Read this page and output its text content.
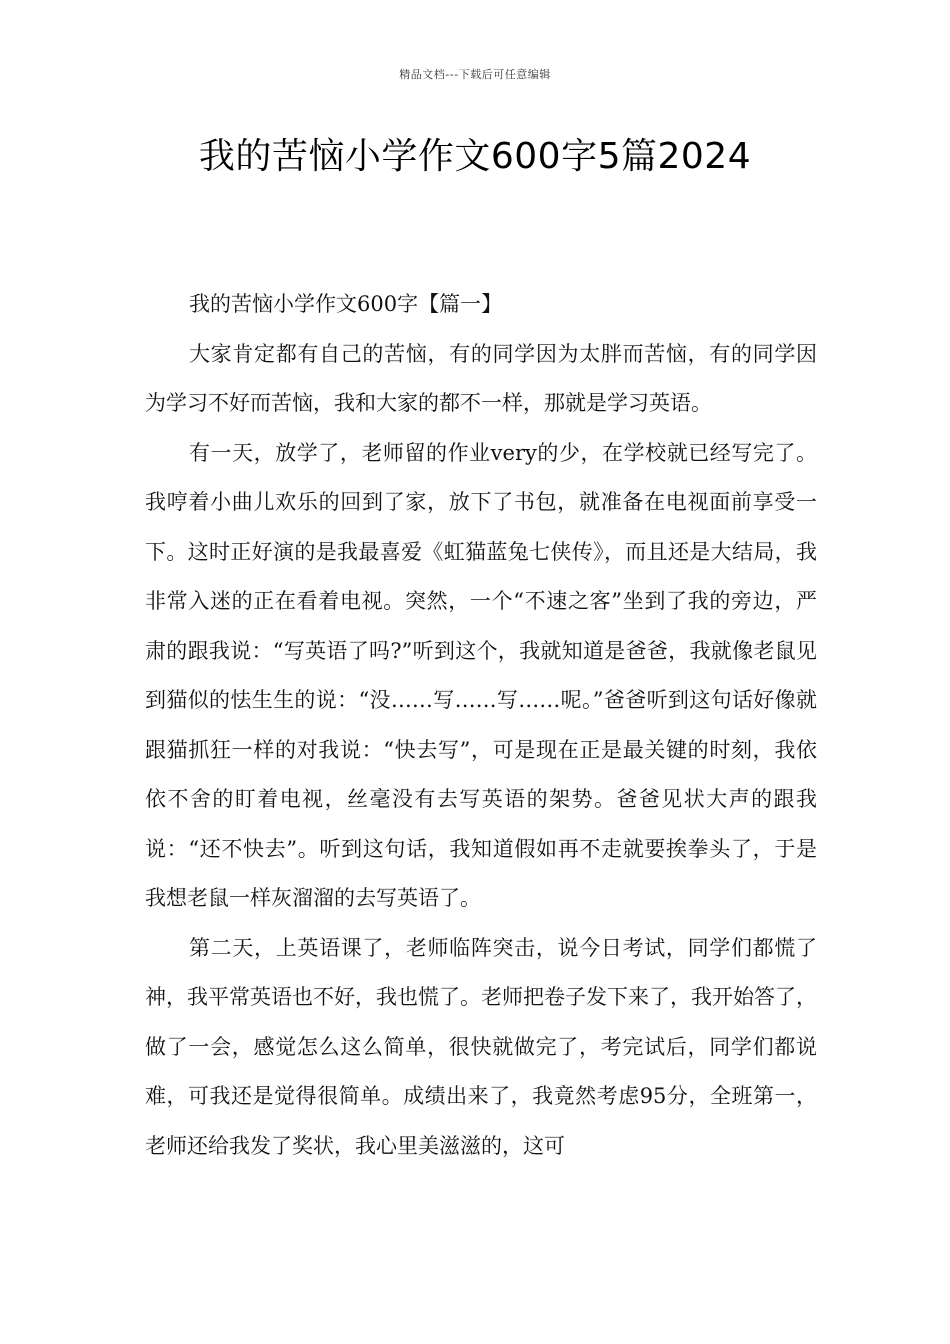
精品文档---下载后可任意编辑
我的苦恼小学作文600字5篇2024

我的苦恼小学作文600字【篇一】

大家肯定都有自己的苦恼，有的同学因为太胖而苦恼，有的同学因为学习不好而苦恼，我和大家的都不一样，那就是学习英语。

有一天，放学了，老师留的作业very的少，在学校就已经写完了。我哼着小曲儿欢乐的回到了家，放下了书包，就准备在电视面前享受一下。这时正好演的是我最喜爱《虹猫蓝兔七侠传》，而且还是大结局，我非常入迷的正在看着电视。突然，一个“不速之客”坐到了我的旁边，严肃的跟我说：“写英语了吗?”听到这个，我就知道是爸爸，我就像老鼠见到猫似的怯生生的说：“没……写……写……呢。”爸爸听到这句话好像就跟猫抓狂一样的对我说：“快去写”，可是现在正是最关键的时刻，我依依不舍的盯着电视，丝毫没有去写英语的架势。爸爸见状大声的跟我说：“还不快去”。听到这句话，我知道假如再不走就要挨拳头了，于是我想老鼠一样灰溜溜的去写英语了。

第二天，上英语课了，老师临阵突击，说今日考试，同学们都慌了神，我平常英语也不好，我也慌了。老师把卷子发下来了，我开始答了，做了一会，感觉怎么这么简单，很快就做完了，考完试后，同学们都说难，可我还是觉得很简单。成绩出来了，我竟然考虑95分，全班第一，老师还给我发了奖状，我心里美滋滋的，这可
